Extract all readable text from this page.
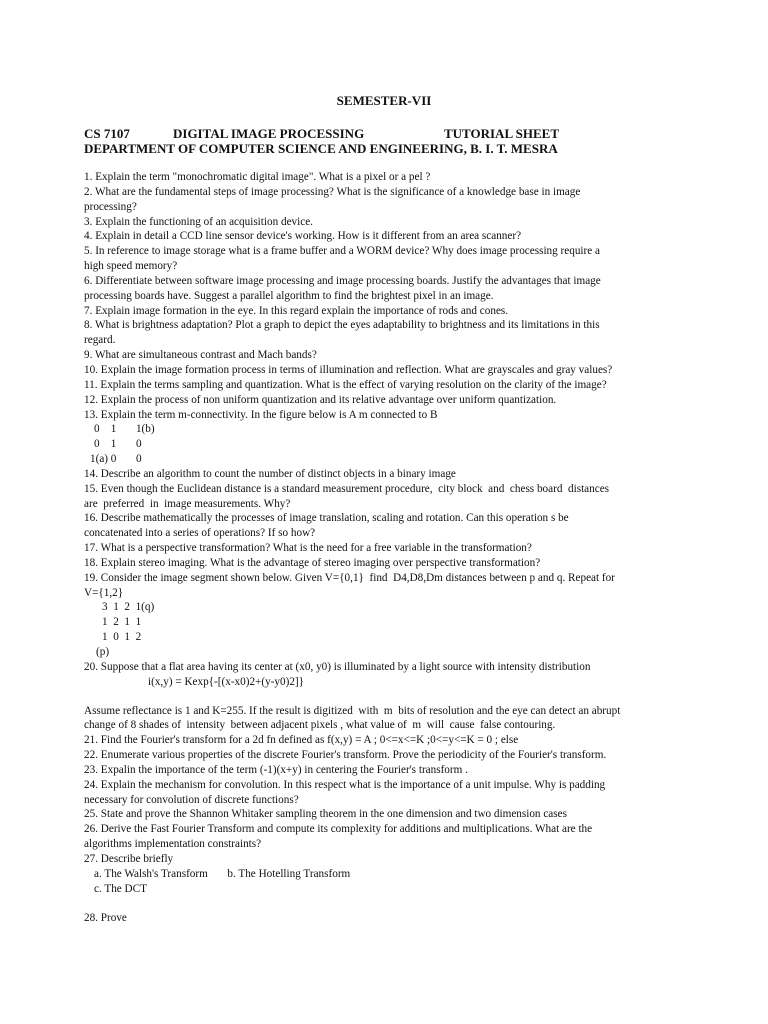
SEMESTER-VII
CS 7107	DIGITAL IMAGE PROCESSING	TUTORIAL SHEET
DEPARTMENT OF COMPUTER SCIENCE AND ENGINEERING, B. I. T. MESRA
1. Explain the term "monochromatic digital image". What is a pixel or a pel ?
2. What are the fundamental steps of image processing? What is the significance of a knowledge base in image
processing?
3. Explain the functioning of an acquisition device.
4. Explain in detail a CCD line sensor device's working. How is it different from an area scanner?
5. In reference to image storage what is a frame buffer and a WORM device? Why does image processing require a
high speed memory?
6. Differentiate between software image processing and image processing boards. Justify the advantages that image
processing boards have. Suggest a parallel algorithm to find the brightest pixel in an image.
7. Explain image formation in the eye. In this regard explain the importance of rods and cones.
8. What is brightness adaptation? Plot a graph to depict the eyes adaptability to brightness and its limitations in this
regard.
9. What are simultaneous contrast and Mach bands?
10. Explain the image formation process in terms of illumination and reflection. What are grayscales and gray values?
11. Explain the terms sampling and quantization. What is the effect of varying resolution on the clarity of the image?
12. Explain the process of non uniform quantization and its relative advantage over uniform quantization.
13. Explain the term m-connectivity. In the figure below is A m connected to B
0    1       1(b)
0    1       0
1(a) 0       0
14. Describe an algorithm to count the number of distinct objects in a binary image
15. Even though the Euclidean distance is a standard measurement procedure,  city block  and  chess board  distances
are  preferred  in  image measurements. Why?
16. Describe mathematically the processes of image translation, scaling and rotation. Can this operation s be
concatenated into a series of operations? If so how?
17. What is a perspective transformation? What is the need for a free variable in the transformation?
18. Explain stereo imaging. What is the advantage of stereo imaging over perspective transformation?
19. Consider the image segment shown below. Given V={0,1}  find  D4,D8,Dm distances between p and q. Repeat for
V={1,2}
3  1  2  1(q)
1  2  1  1
1  0  1  2
(p)
20. Suppose that a flat area having its center at (x0, y0) is illuminated by a light source with intensity distribution
i(x,y) = Kexp{-[(x-x0)2+(y-y0)2]}
Assume reflectance is 1 and K=255. If the result is digitized  with  m  bits of resolution and the eye can detect an abrupt
change of 8 shades of  intensity  between adjacent pixels , what value of  m  will  cause  false contouring.
21. Find the Fourier's transform for a 2d fn defined as f(x,y) = A ; 0<=x<=K ;0<=y<=K = 0 ; else
22. Enumerate various properties of the discrete Fourier's transform. Prove the periodicity of the Fourier's transform.
23. Expalin the importance of the term (-1)(x+y) in centering the Fourier's transform .
24. Explain the mechanism for convolution. In this respect what is the importance of a unit impulse. Why is padding
necessary for convolution of discrete functions?
25. State and prove the Shannon Whitaker sampling theorem in the one dimension and two dimension cases
26. Derive the Fast Fourier Transform and compute its complexity for additions and multiplications. What are the
algorithms implementation constraints?
27. Describe briefly
a. The Walsh's Transform       b. The Hotelling Transform
c. The DCT
28. Prove
